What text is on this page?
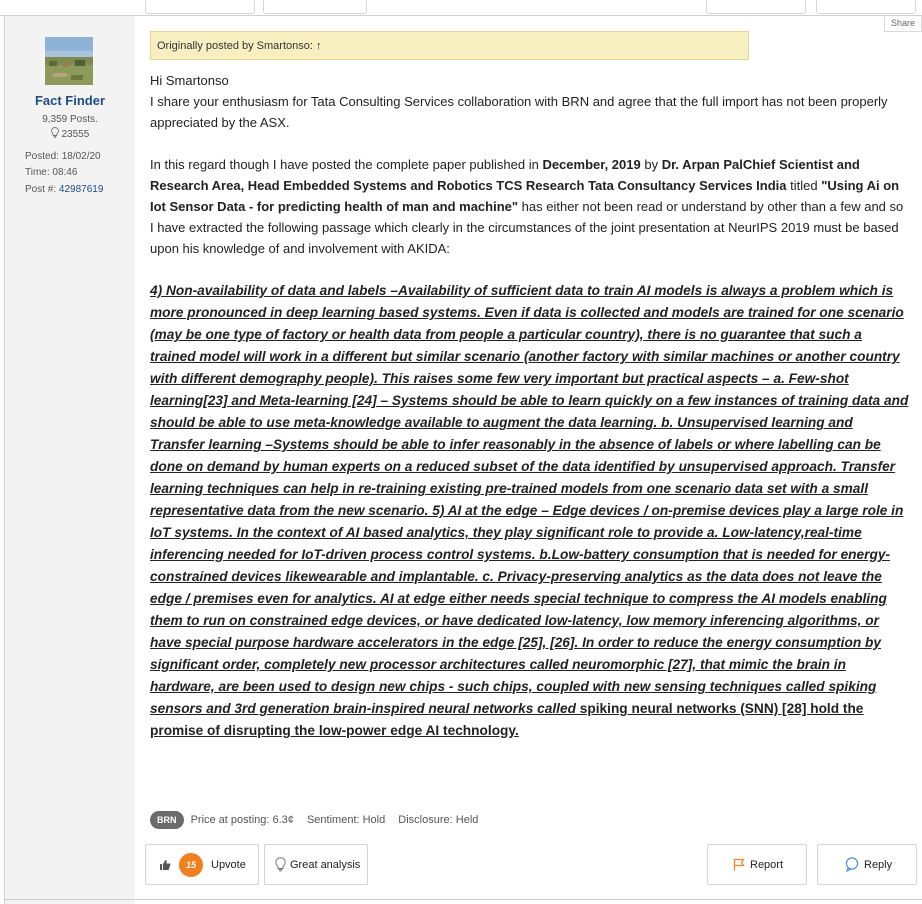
Fact Finder
9,359 Posts.
23555
Posted: 18/02/20
Time: 08:46
Post #: 42987619
Share
Originally posted by Smartonso: ↑
Hi Smartonso
I share your enthusiasm for Tata Consulting Services collaboration with BRN and agree that the full import has not been properly appreciated by the ASX.
In this regard though I have posted the complete paper published in December, 2019 by Dr. Arpan PalChief Scientist and Research Area, Head Embedded Systems and Robotics TCS Research Tata Consultancy Services India titled "Using Ai on Iot Sensor Data - for predicting health of man and machine" has either not been read or understand by other than a few and so I have extracted the following passage which clearly in the circumstances of the joint presentation at NeurIPS 2019 must be based upon his knowledge of and involvement with AKIDA:
4) Non-availability of data and labels –Availability of sufficient data to train AI models is always a problem which is more pronounced in deep learning based systems. Even if data is collected and models are trained for one scenario (may be one type of factory or health data from people a particular country), there is no guarantee that such a trained model will work in a different but similar scenario (another factory with similar machines or another country with different demography people). This raises some few very important but practical aspects – a. Few-shot learning[23] and Meta-learning [24] – Systems should be able to learn quickly on a few instances of training data and should be able to use meta-knowledge available to augment the data learning. b. Unsupervised learning and Transfer learning –Systems should be able to infer reasonably in the absence of labels or where labelling can be done on demand by human experts on a reduced subset of the data identified by unsupervised approach. Transfer learning techniques can help in re-training existing pre-trained models from one scenario data set with a small representative data from the new scenario. 5) AI at the edge – Edge devices / on-premise devices play a large role in IoT systems. In the context of AI based analytics, they play significant role to provide a. Low-latency,real-time inferencing needed for IoT-driven process control systems. b.Low-battery consumption that is needed for energy-constrained devices likewearable and implantable. c. Privacy-preserving analytics as the data does not leave the edge / premises even for analytics. AI at edge either needs special technique to compress the AI models enabling them to run on constrained edge devices, or have dedicated low-latency, low memory inferencing algorithms, or have special purpose hardware accelerators in the edge [25], [26]. In order to reduce the energy consumption by significant order, completely new processor architectures called neuromorphic [27], that mimic the brain in hardware, are been used to design new chips - such chips, coupled with new sensing techniques called spiking sensors and 3rd generation brain-inspired neural networks called spiking neural networks (SNN) [28] hold the promise of disrupting the low-power edge AI technology.
BRN Price at posting: 6.3¢ Sentiment: Hold Disclosure: Held
15	Upvote	Great analysis	Report	Reply
